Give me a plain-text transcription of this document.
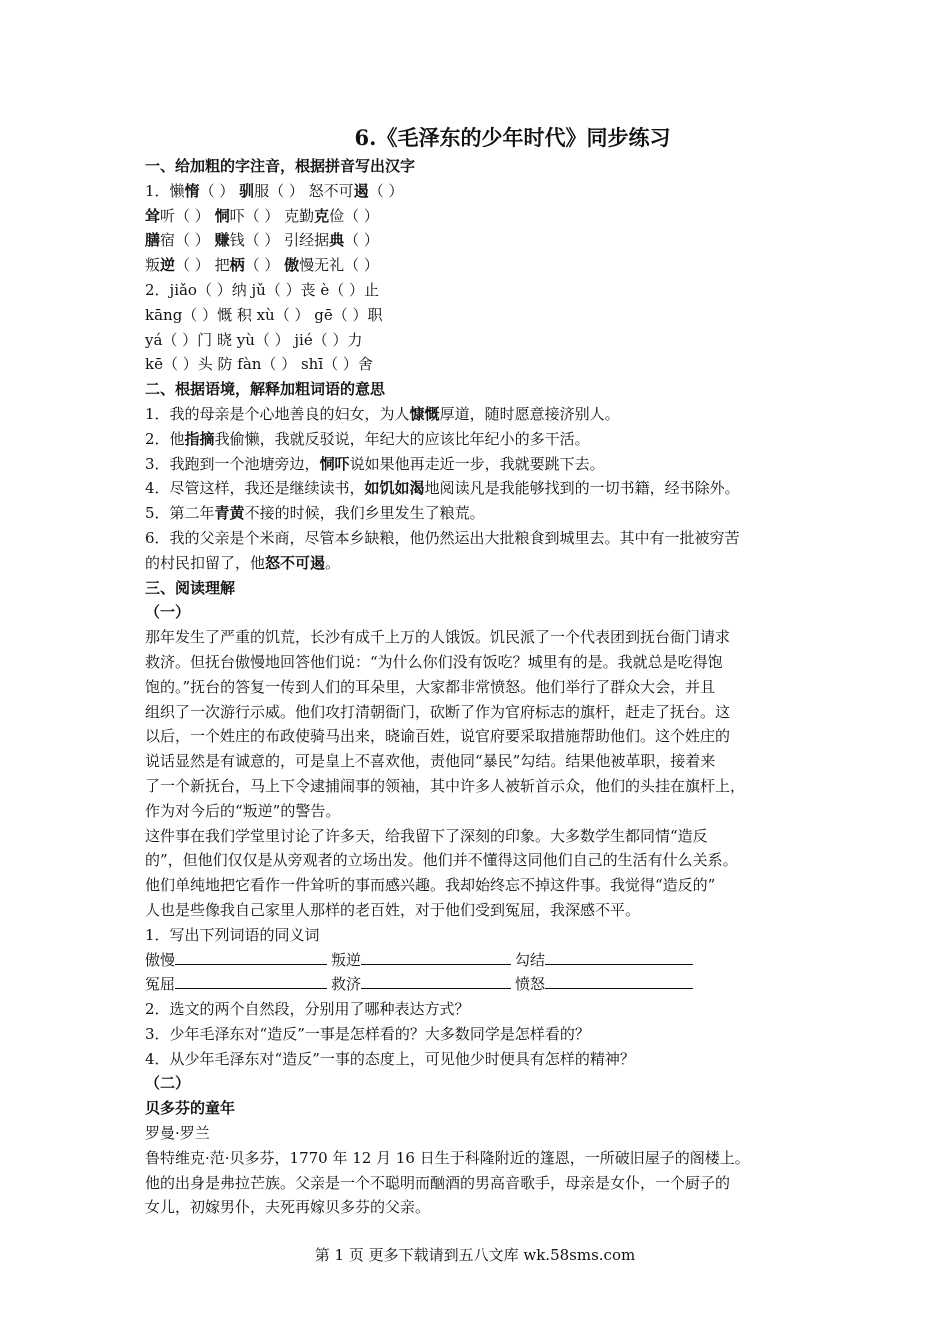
6.《毛泽东的少年时代》同步练习
一、给加粗的字注音，根据拼音写出汉字
1．懒惰（ ） 驯服（ ） 怒不可遏（ ）
耸听（ ） 恫吓（ ） 克勤克俭（ ）
膳宿（ ） 赚钱（ ） 引经据典（ ）
叛逆（ ） 把柄（ ） 傲慢无礼（ ）
2．jiǎo（ ）纳 jǔ（ ）丧 è（ ）止
kāng（ ）慨 积 xù（ ） gē（ ）职
yá（ ）门 晓 yù（ ） jié（ ）力
kē（ ）头 防 fàn（ ） shī（ ）舍
二、根据语境，解释加粗词语的意思
1．我的母亲是个心地善良的妇女，为人慷慨厚道，随时愿意接济别人。
2．他指摘我偷懒，我就反驳说，年纪大的应该比年纪小的多干活。
3．我跑到一个池塘旁边，恫吓说如果他再走近一步，我就要跳下去。
4．尽管这样，我还是继续读书，如饥如渴地阅读凡是我能够找到的一切书籍，经书除外。
5．第二年青黄不接的时候，我们乡里发生了粮荒。
6．我的父亲是个米商，尽管本乡缺粮，他仍然运出大批粮食到城里去。其中有一批被穷苦
的村民扣留了，他怒不可遏。
三、阅读理解
（一）
那年发生了严重的饥荒，长沙有成千上万的人饿饭。饥民派了一个代表团到抚台衙门请求
救济。但抚台傲慢地回答他们说：“为什么你们没有饭吃？城里有的是。我就总是吃得饱
饱的。”抚台的答复一传到人们的耳朵里，大家都非常愤怒。他们举行了群众大会，并且
组织了一次游行示威。他们攻打清朝衙门，砍断了作为官府标志的旗杆，赶走了抚台。这
以后，一个姓庄的布政使骑马出来，晓谕百姓，说官府要采取措施帮助他们。这个姓庄的
说话显然是有诚意的，可是皇上不喜欢他，责他同“暴民”勾结。结果他被革职，接着来
了一个新抚台，马上下令逮捕闹事的领袖，其中许多人被斩首示众，他们的头挂在旗杆上，
作为对今后的“叛逆”的警告。
这件事在我们学堂里讨论了许多天，给我留下了深刻的印象。大多数学生都同情“造反
的”，但他们仅仅是从旁观者的立场出发。他们并不懂得这同他们自己的生活有什么关系。
他们单纯地把它看作一件耸听的事而感兴趣。我却始终忘不掉这件事。我觉得“造反的”
人也是些像我自己家里人那样的老百姓，对于他们受到冤屈，我深感不平。
1．写出下列词语的同义词
傲慢	叛逆	勾结
冤屈	救济	愤怒
2．选文的两个自然段，分别用了哪种表达方式？
3．少年毛泽东对“造反”一事是怎样看的？大多数同学是怎样看的？
4．从少年毛泽东对“造反”一事的态度上，可见他少时便具有怎样的精神？
（二）
贝多芬的童年
罗曼·罗兰
鲁特维克·范·贝多芬，1770 年 12 月 16 日生于科隆附近的篷恩，一所破旧屋子的阁楼上。
他的出身是弗拉芒族。父亲是一个不聪明而酗酒的男高音歌手，母亲是女仆，一个厨子的
女儿，初嫁男仆，夫死再嫁贝多芬的父亲。
第 1 页 更多下载请到五八文库 wk.58sms.com
